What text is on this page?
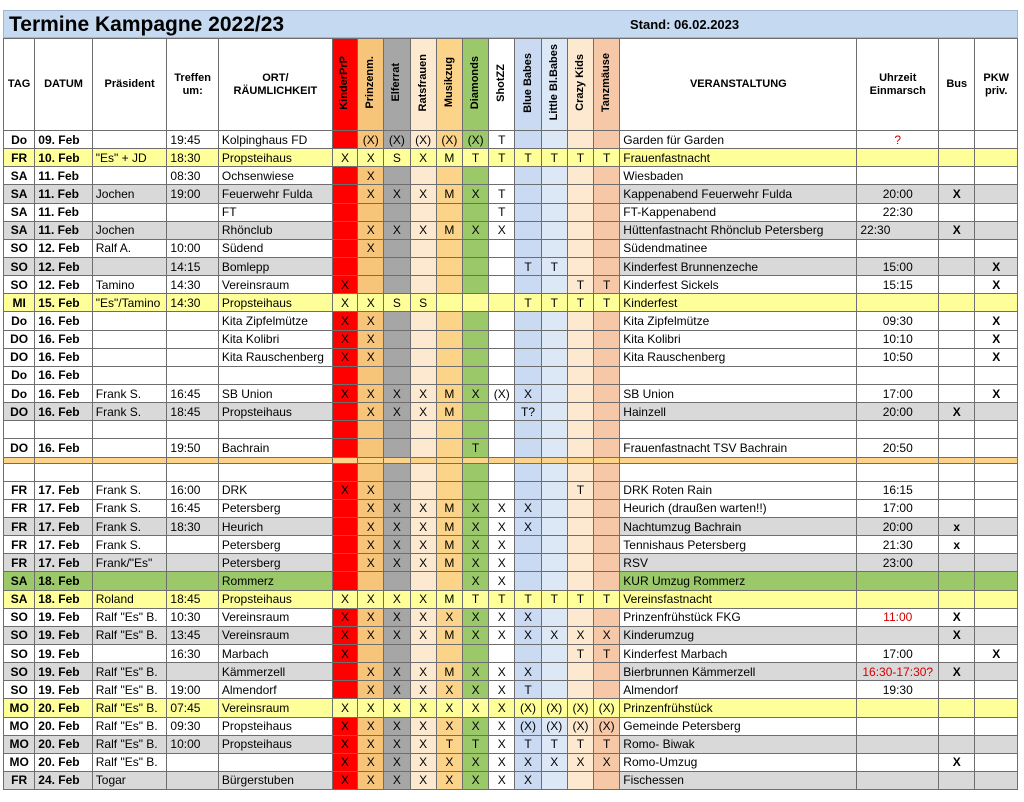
Termine Kampagne 2022/23	Stand: 06.02.2023
TAG	DATUM	Präsident	Treffen um:	ORT/ RÄUMLICHKEIT	KinderPrP	Prinzenm.	Elferrat	Ratsfrauen	Musikzug	Diamonds	ShotZZ	Blue Babes	Little Bl.Babes	Crazy Kids	Tanzmäuse	VERANSTALTUNG	Uhrzeit Einmarsch	Bus	PKW priv.
Do	09. Feb		19:45	Kolpinghaus FD		(X)	(X)	(X)	(X)	(X)	T					Garden für Garden	?		
FR	10. Feb	"Es" + JD	18:30	Propsteihaus	X	X	S	X	M	T	T	T	T	T	T	Frauenfastnacht			
SA	11. Feb		08:30	Ochsenwiese		X										Wiesbaden			
SA	11. Feb	Jochen	19:00	Feuerwehr Fulda		X	X	X	M	X	T					Kappenabend Feuerwehr Fulda	20:00	X	
SA	11. Feb			FT							T					FT-Kappenabend	22:30		
SA	11. Feb	Jochen		Rhönclub		X	X	X	M	X	X					Hüttenfastnacht Rhönclub Petersberg	22:30	X	
SO	12. Feb	Ralf A.	10:00	Südend		X										Südendmatinee			
SO	12. Feb		14:15	Bomlepp								T	T			Kinderfest Brunnenzeche	15:00		X
SO	12. Feb	Tamino	14:30	Vereinsraum	X									T	T	Kinderfest Sickels	15:15		X
MI	15. Feb	"Es"/Tamino	14:30	Propsteihaus	X	X	S	S				T	T	T	T	Kinderfest			
Do	16. Feb			Kita Zipfelmütze	X	X										Kita Zipfelmütze	09:30		X
DO	16. Feb			Kita Kolibri	X	X										Kita Kolibri	10:10		X
DO	16. Feb			Kita Rauschenberg	X	X										Kita Rauschenberg	10:50		X
Do	16. Feb																		
Do	16. Feb	Frank S.	16:45	SB Union	X	X	X	X	M	X	(X)	X				SB Union	17:00		X
DO	16. Feb	Frank S.	18:45	Propsteihaus		X	X	X	M			T?				Hainzell	20:00	X	

DO	16. Feb		19:50	Bachrain						T						Frauenfastnacht TSV Bachrain	20:50		

FR	17. Feb	Frank S.	16:00	DRK	X	X								T		DRK Roten Rain	16:15		
FR	17. Feb	Frank S.	16:45	Petersberg		X	X	X	M	X	X	X				Heurich (draußen warten!!)	17:00		
FR	17. Feb	Frank S.	18:30	Heurich		X	X	X	M	X	X	X				Nachtumzug Bachrain	20:00	x	
FR	17. Feb	Frank S.		Petersberg		X	X	X	M	X	X					Tennishaus Petersberg	21:30	x	
FR	17. Feb	Frank/"Es"		Petersberg		X	X	X	M	X	X					RSV	23:00		
SA	18. Feb			Rommerz						X	X					KUR Umzug Rommerz			
SA	18. Feb	Roland	18:45	Propsteihaus	X	X	X	X	M	T	T	T	T	T	T	Vereinsfastnacht			
SO	19. Feb	Ralf "Es" B.	10:30	Vereinsraum	X	X	X	X	X	X	X	X				Prinzenfrühstück FKG	11:00	X	
SO	19. Feb	Ralf "Es" B.	13:45	Vereinsraum	X	X	X	X	M	X	X	X	X	X	X	Kinderumzug		X	
SO	19. Feb		16:30	Marbach	X									T	T	Kinderfest Marbach	17:00		X
SO	19. Feb	Ralf "Es" B.		Kämmerzell		X	X	X	M	X	X	X				Bierbrunnen Kämmerzell	16:30-17:30?	X	
SO	19. Feb	Ralf "Es" B.	19:00	Almendorf		X	X	X	X	X	X	T				Almendorf	19:30		
MO	20. Feb	Ralf "Es" B.	07:45	Vereinsraum	X	X	X	X	X	X	X	(X)	(X)	(X)	(X)	Prinzenfrühstück			
MO	20. Feb	Ralf "Es" B.	09:30	Propsteihaus	X	X	X	X	X	X	X	(X)	(X)	(X)	(X)	Gemeinde Petersberg			
MO	20. Feb	Ralf "Es" B.	10:00	Propsteihaus	X	X	X	X	T	T	X	T	T	T	T	Romo- Biwak			
MO	20. Feb	Ralf "Es" B.			X	X	X	X	X	X	X	X	X	X	X	Romo-Umzug		X	
FR	24. Feb	Togar		Bürgerstuben	X	X	X	X	X	X	X	X				Fischessen			
